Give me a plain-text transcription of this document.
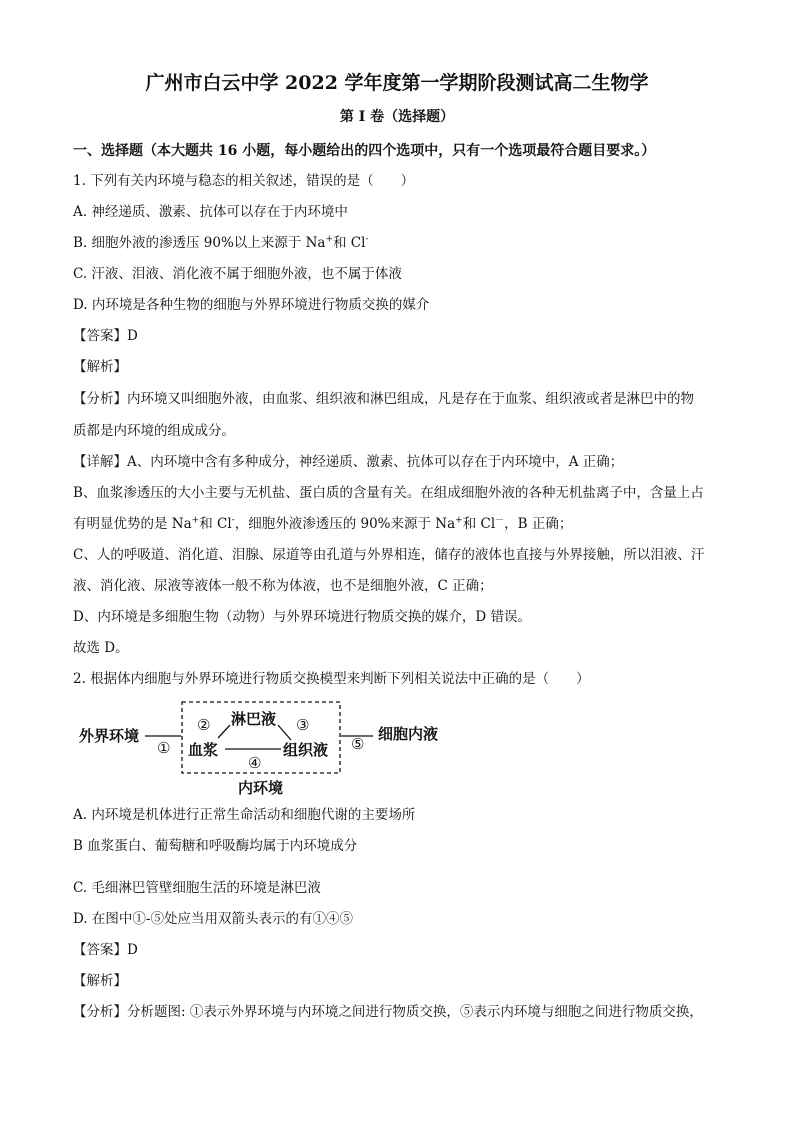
广州市白云中学 2022 学年度第一学期阶段测试高二生物学
第 I 卷（选择题）
一、选择题（本大题共 16 小题，每小题给出的四个选项中，只有一个选项最符合题目要求。）
1. 下列有关内环境与稳态的相关叙述，错误的是（　　）
A. 神经递质、激素、抗体可以存在于内环境中
B. 细胞外液的渗透压 90%以上来源于 Na+和 Cl-
C. 汗液、泪液、消化液不属于细胞外液，也不属于体液
D. 内环境是各种生物的细胞与外界环境进行物质交换的媒介
【答案】D
【解析】
【分析】内环境又叫细胞外液，由血浆、组织液和淋巴组成，凡是存在于血浆、组织液或者是淋巴中的物
质都是内环境的组成成分。
【详解】A、内环境中含有多种成分，神经递质、激素、抗体可以存在于内环境中，A 正确；
B、血浆渗透压的大小主要与无机盐、蛋白质的含量有关。在组成细胞外液的各种无机盐离子中，含量上占
有明显优势的是 Na+和 Cl-，细胞外液渗透压的 90%来源于 Na+和 Cl－，B 正确；
C、人的呼吸道、消化道、泪腺、尿道等由孔道与外界相连，储存的液体也直接与外界接触，所以泪液、汗
液、消化液、尿液等液体一般不称为体液，也不是细胞外液，C 正确；
D、内环境是多细胞生物（动物）与外界环境进行物质交换的媒介，D 错误。
故选 D。
2. 根据体内细胞与外界环境进行物质交换模型来判断下列相关说法中正确的是（　　）
外界环境
①
② 淋巴液 ③
血浆	组织液
④
⑤
细胞内液
内环境
A. 内环境是机体进行正常生命活动和细胞代谢的主要场所
B 血浆蛋白、葡萄糖和呼吸酶均属于内环境成分
C. 毛细淋巴管壁细胞生活的环境是淋巴液
D. 在图中①-⑤处应当用双箭头表示的有①④⑤
【答案】D
【解析】
【分析】分析题图: ①表示外界环境与内环境之间进行物质交换，⑤表示内环境与细胞之间进行物质交换，
